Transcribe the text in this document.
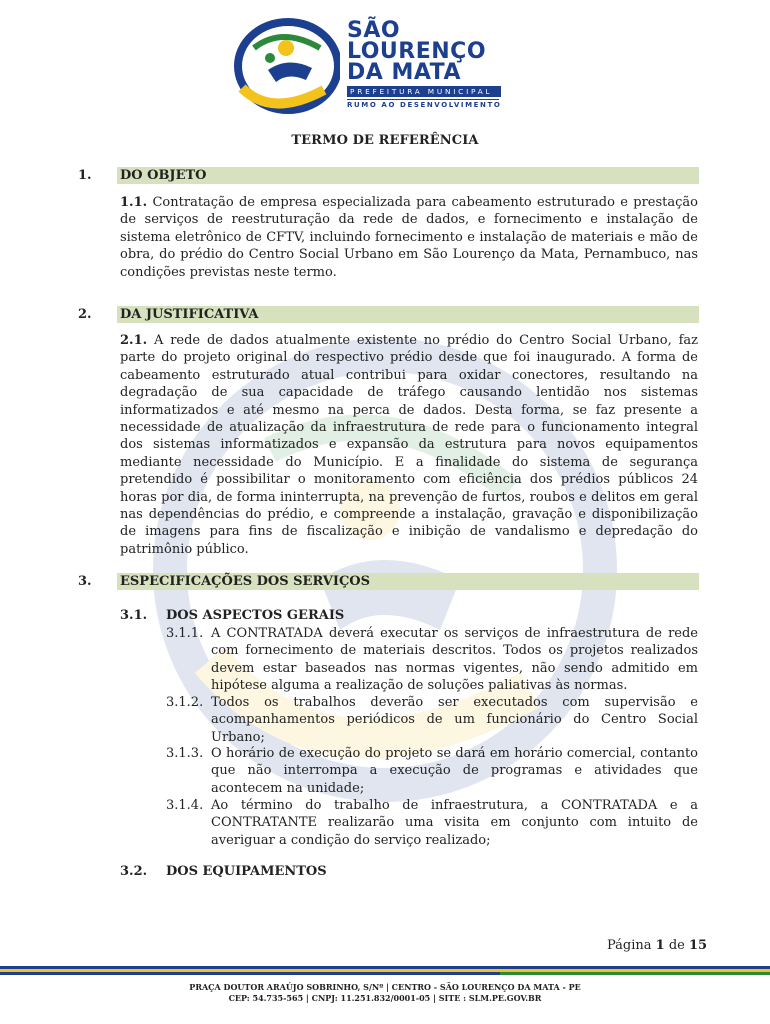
SÃO
LOURENÇO
DA MATA
PREFEITURA MUNICIPAL
RUMO AO DESENVOLVIMENTO
TERMO DE REFERÊNCIA
1. DO OBJETO

1.1. Contratação de empresa especializada para cabeamento estruturado e prestação de serviços de reestruturação da rede de dados, e fornecimento e instalação de sistema eletrônico de CFTV, incluindo fornecimento e instalação de materiais e mão de obra, do prédio do Centro Social Urbano em São Lourenço da Mata, Pernambuco, nas condições previstas neste termo.

2. DA JUSTIFICATIVA

2.1. A rede de dados atualmente existente no prédio do Centro Social Urbano, faz parte do projeto original do respectivo prédio desde que foi inaugurado. A forma de cabeamento estruturado atual contribui para oxidar conectores, resultando na degradação de sua capacidade de tráfego causando lentidão nos sistemas informatizados e até mesmo na perca de dados. Desta forma, se faz presente a necessidade de atualização da infraestrutura de rede para o funcionamento integral dos sistemas informatizados e expansão da estrutura para novos equipamentos mediante necessidade do Município. E a finalidade do sistema de segurança pretendido é possibilitar o monitoramento com eficiência dos prédios públicos 24 horas por dia, de forma ininterrupta, na prevenção de furtos, roubos e delitos em geral nas dependências do prédio, e compreende a instalação, gravação e disponibilização de imagens para fins de fiscalização e inibição de vandalismo e depredação do patrimônio público.

3. ESPECIFICAÇÕES DOS SERVIÇOS
3.1. DOS ASPECTOS GERAIS
3.1.1. A CONTRATADA deverá executar os serviços de infraestrutura de rede com fornecimento de materiais descritos. Todos os projetos realizados devem estar baseados nas normas vigentes, não sendo admitido em hipótese alguma a realização de soluções paliativas às normas.
3.1.2. Todos os trabalhos deverão ser executados com supervisão e acompanhamentos periódicos de um funcionário do Centro Social Urbano;
3.1.3. O horário de execução do projeto se dará em horário comercial, contanto que não interrompa a execução de programas e atividades que acontecem na unidade;
3.1.4. Ao término do trabalho de infraestrutura, a CONTRATADA e a CONTRATANTE realizarão uma visita em conjunto com intuito de averiguar a condição do serviço realizado;
3.2. DOS EQUIPAMENTOS
Página 1 de 15
PRAÇA DOUTOR ARAÚJO SOBRINHO, S/Nº | CENTRO - SÃO LOURENÇO DA MATA - PE
CEP: 54.735-565 | CNPJ: 11.251.832/0001-05 | SITE : SLM.PE.GOV.BR
